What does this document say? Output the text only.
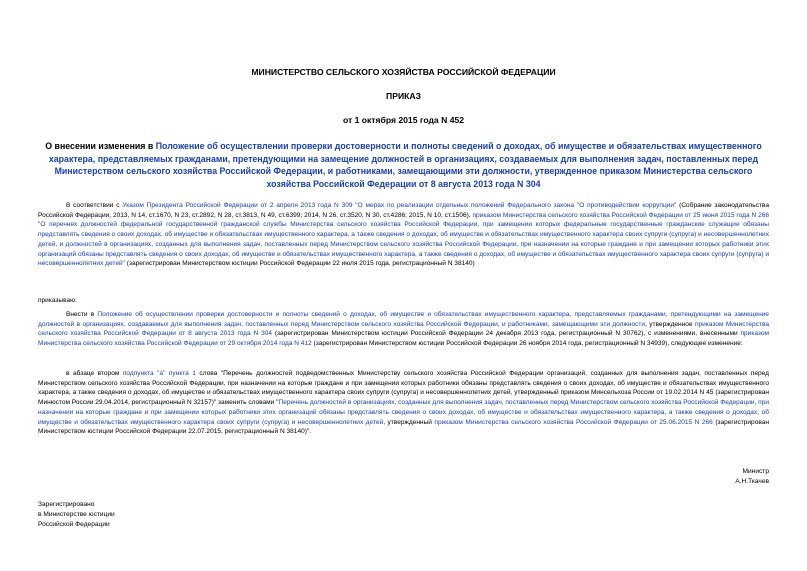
МИНИСТЕРСТВО СЕЛЬСКОГО ХОЗЯЙСТВА РОССИЙСКОЙ ФЕДЕРАЦИИ
ПРИКАЗ
от 1 октября 2015 года N 452
О внесении изменения в Положение об осуществлении проверки достоверности и полноты сведений о доходах, об имуществе и обязательствах имущественного характера, представляемых гражданами, претендующими на замещение должностей в организациях, создаваемых для выполнения задач, поставленных перед Министерством сельского хозяйства Российской Федерации, и работниками, замещающими эти должности, утвержденное приказом Министерства сельского хозяйства Российской Федерации от 8 августа 2013 года N 304

В соответствии с Указом Президента Российской Федерации от 2 апреля 2013 года N 309 "О мерах по реализации отдельных положений Федерального закона "О противодействии коррупции" (Собрание законодательства Российской Федерации, 2013, N 14, ст.1670, N 23, ст.2892, N 28, ст.3813, N 49, ст.6399; 2014, N 26, ст.3520, N 30, ст.4286; 2015, N 10, ст.1506), приказом Министерства сельского хозяйства Российской Федерации от 25 июня 2015 года N 266 "О перечнях должностей федеральной государственной гражданской службы Министерства сельского хозяйства Российской Федерации, при замещении которых федеральные государственные гражданские служащие обязаны представлять сведения о своих доходах, об имуществе и обязательствах имущественного характера, а также сведения о доходах, об имуществе и обязательствах имущественного характера своих супруги (супруга) и несовершеннолетних детей, и должностей в организациях, созданных для выполнения задач, поставленных перед Министерством сельского хозяйства Российской Федерации, при назначении на которые граждане и при замещении которых работники этих организаций обязаны представлять сведения о своих доходах, об имуществе и обязательствах имущественного характера, а также сведения о доходах, об имуществе и обязательствах имущественного характера своих супруги (супруга) и несовершеннолетних детей" (зарегистрирован Министерством юстиции Российской Федерации 22 июля 2015 года, регистрационный N 38140)

приказываю:

Внести в Положение об осуществлении проверки достоверности и полноты сведений о доходах, об имуществе и обязательствах имущественного характера, представляемых гражданами, претендующими на замещение должностей в организациях, создаваемых для выполнения задач, поставленных перед Министерством сельского хозяйства Российской Федерации, и работниками, замещающими эти должности, утвержденное приказом Министерства сельского хозяйства Российской Федерации от 8 августа 2013 года N 304 (зарегистрирован Министерством юстиции Российской Федерации 24 декабря 2013 года, регистрационный N 30762), с изменениями, внесенными приказом Министерства сельского хозяйства Российской Федерации от 29 октября 2014 года N 412 (зарегистрирован Министерством юстиции Российской Федерации 26 ноября 2014 года, регистрационный N 34939), следующее изменение:

в абзаце втором подпункта "а" пункта 1 слова "Перечень должностей подведомственных Министерству сельского хозяйства Российской Федерации организаций, созданных для выполнения задач, поставленных перед Министерством сельского хозяйства Российской Федерации, при назначении на которые граждане и при замещении которых работники обязаны представлять сведения о своих доходах, об имуществе и обязательствах имущественного характера, а также сведения о доходах, об имуществе и обязательствах имущественного характера своих супруги (супруга) и несовершеннолетних детей, утвержденный приказом Минсельхоза России от 19.02.2014 N 45 (зарегистрирован Минюстом России 29.04.2014, регистрационный N 32157)" заменить словами "Перечень должностей в организациях, созданных для выполнения задач, поставленных перед Министерством сельского хозяйства Российской Федерации, при назначении на которые граждане и при замещении которых работники этих организаций обязаны представлять сведения о своих доходах, об имуществе и обязательствах имущественного характера, а также сведения о доходах, об имуществе и обязательствах имущественного характера своих супруги (супруга) и несовершеннолетних детей, утвержденный приказом Министерства сельского хозяйства Российской Федерации от 25.06.2015 N 266 (зарегистрирован Министерством юстиции Российской Федерации 22.07.2015, регистрационный N 38140)".

Министр
А.Н.Ткачев
Зарегистрировано
в Министерстве юстиции
Российской Федерации
